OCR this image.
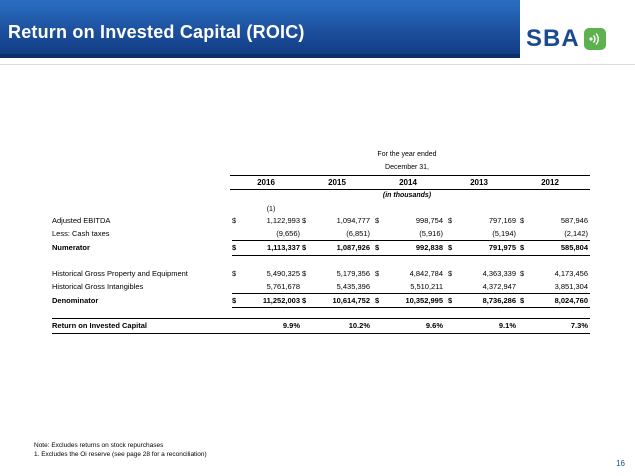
Return on Invested Capital (ROIC)	SBA
For the year ended
December 31,
2016	2015	2014	2013	2012
(in thousands)
(1)
Adjusted EBITDA	$	1,122,993 $	1,094,777 $	998,754 $	797,169 $	587,946
Less: Cash taxes	(9,656)	(6,851)	(5,916)	(5,194)	(2,142)
Numerator	$	1,113,337 $	1,087,926 $	992,838 $	791,975 $	585,804
Historical Gross Property and Equipment	$	5,490,325 $	5,179,356 $	4,842,784 $	4,363,339 $	4,173,456
Historical Gross Intangibles	5,761,678	5,435,396	5,510,211	4,372,947	3,851,304
Denominator	$	11,252,003 $	10,614,752 $	10,352,995 $	8,736,286 $	8,024,760
Return on Invested Capital	9.9%	10.2%	9.6%	9.1%	7.3%
Note: Excludes returns on stock repurchases
1. Excludes the Oi reserve (see page 28 for a reconciliation)
16
